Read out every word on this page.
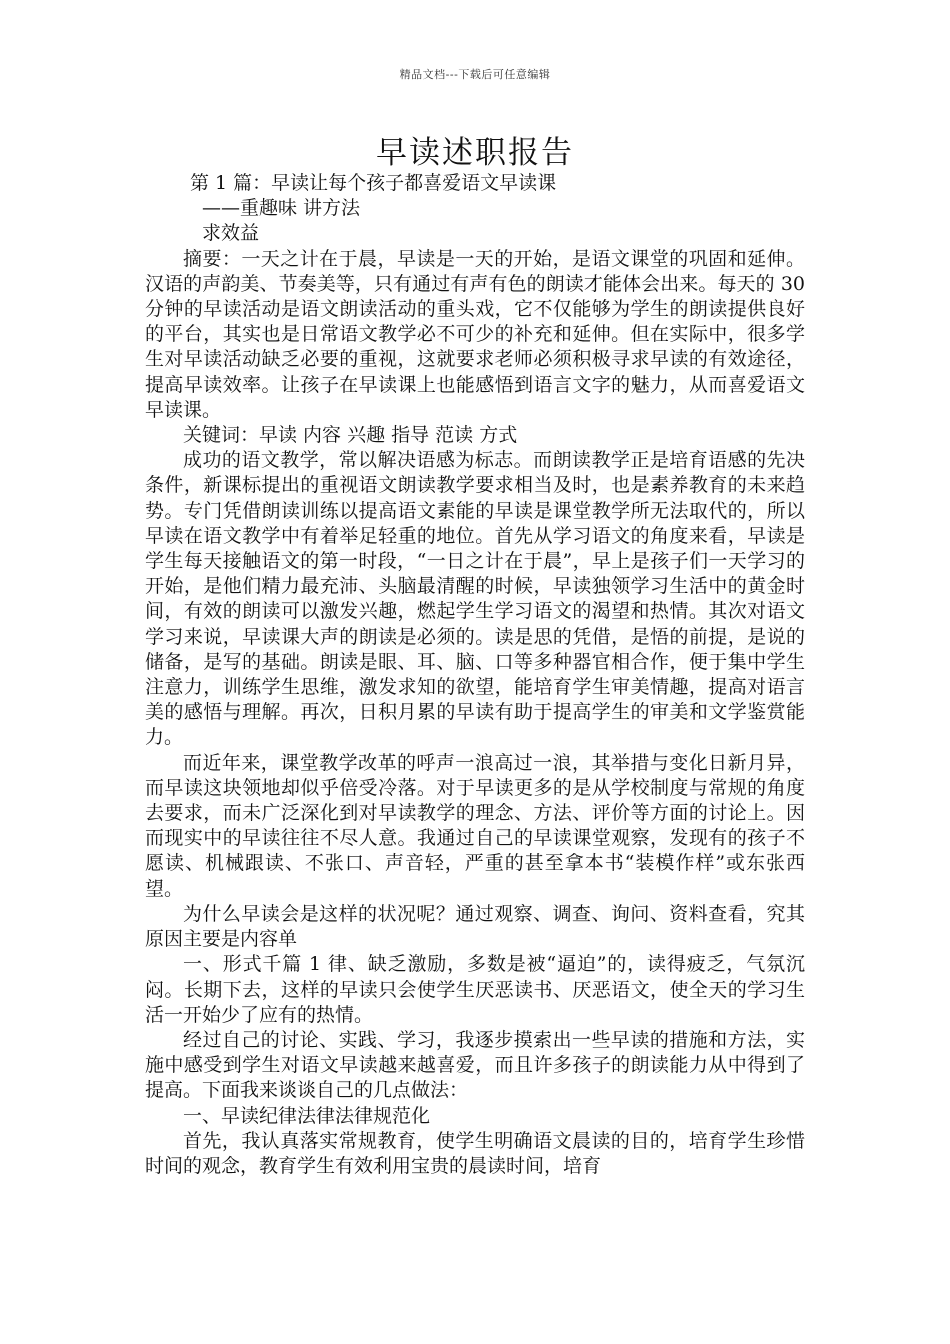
精品文档---下载后可任意编辑
早读述职报告

第 1 篇：早读让每个孩子都喜爱语文早读课

——重趣味 讲方法

求效益

摘要：一天之计在于晨，早读是一天的开始，是语文课堂的巩固和延伸。汉语的声韵美、节奏美等，只有通过有声有色的朗读才能体会出来。每天的 30 分钟的早读活动是语文朗读活动的重头戏，它不仅能够为学生的朗读提供良好的平台，其实也是日常语文教学必不可少的补充和延伸。但在实际中，很多学生对早读活动缺乏必要的重视，这就要求老师必须积极寻求早读的有效途径，提高早读效率。让孩子在早读课上也能感悟到语言文字的魅力，从而喜爱语文早读课。

关键词：早读 内容 兴趣 指导 范读 方式

成功的语文教学，常以解决语感为标志。而朗读教学正是培育语感的先决条件，新课标提出的重视语文朗读教学要求相当及时，也是素养教育的未来趋势。专门凭借朗读训练以提高语文素能的早读是课堂教学所无法取代的，所以早读在语文教学中有着举足轻重的地位。首先从学习语文的角度来看，早读是学生每天接触语文的第一时段，“一日之计在于晨”，早上是孩子们一天学习的开始，是他们精力最充沛、头脑最清醒的时候，早读独领学习生活中的黄金时间，有效的朗读可以激发兴趣，燃起学生学习语文的渴望和热情。其次对语文学习来说，早读课大声的朗读是必须的。读是思的凭借，是悟的前提，是说的储备，是写的基础。朗读是眼、耳、脑、口等多种器官相合作，便于集中学生注意力，训练学生思维，激发求知的欲望，能培育学生审美情趣，提高对语言美的感悟与理解。再次，日积月累的早读有助于提高学生的审美和文学鉴赏能力。

而近年来，课堂教学改革的呼声一浪高过一浪，其举措与变化日新月异，而早读这块领地却似乎倍受冷落。对于早读更多的是从学校制度与常规的角度去要求，而未广泛深化到对早读教学的理念、方法、评价等方面的讨论上。因而现实中的早读往往不尽人意。我通过自己的早读课堂观察，发现有的孩子不愿读、机械跟读、不张口、声音轻，严重的甚至拿本书“装模作样”或东张西望。

为什么早读会是这样的状况呢？通过观察、调查、询问、资料查看，究其原因主要是内容单

一、形式千篇 1 律、缺乏激励，多数是被“逼迫”的，读得疲乏，气氛沉闷。长期下去，这样的早读只会使学生厌恶读书、厌恶语文，使全天的学习生活一开始少了应有的热情。

经过自己的讨论、实践、学习，我逐步摸索出一些早读的措施和方法，实施中感受到学生对语文早读越来越喜爱，而且许多孩子的朗读能力从中得到了提高。下面我来谈谈自己的几点做法：

一、早读纪律法律法律规范化

首先，我认真落实常规教育，使学生明确语文晨读的目的，培育学生珍惜时间的观念，教育学生有效利用宝贵的晨读时间，培育
